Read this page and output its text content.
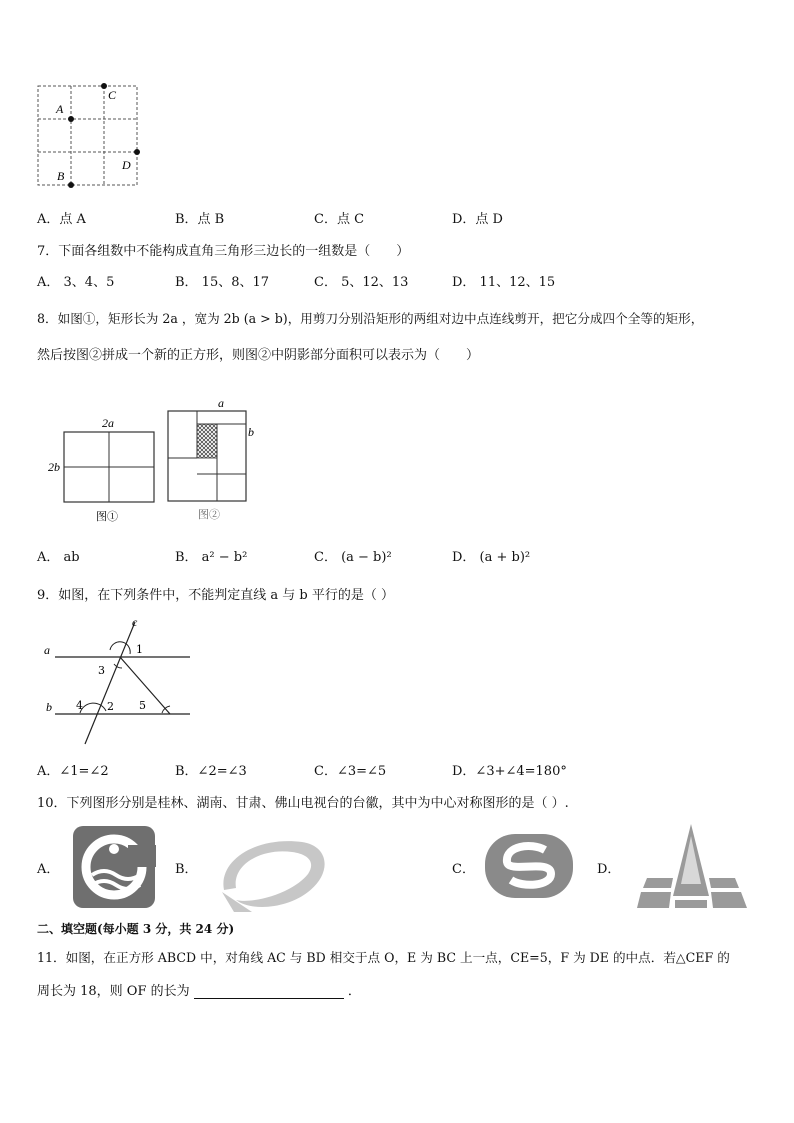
C
A
D
B
A．点 A	B．点 B	C．点 C	D．点 D
7．下面各组数中不能构成直角三角形三边长的一组数是（　　）
A． 3、4、5	B． 15、8、17	C． 5、12、13	D． 11、12、15
8．如图①，矩形长为 2a ，宽为 2b (a > b)，用剪刀分别沿矩形的两组对边中点连线剪开，把它分成四个全等的矩形，
然后按图②拼成一个新的正方形，则图②中阴影部分面积可以表示为（　　）
2a
2b
图①
a
b
图②
A． ab	B． a² − b²	C． (a − b)²	D． (a + b)²
9．如图，在下列条件中，不能判定直线 a 与 b 平行的是（ ）
c
a
b
1
3
4 2 5
A．∠1=∠2	B．∠2=∠3	C．∠3=∠5	D．∠3+∠4=180°
10．下列图形分别是桂林、湖南、甘肃、佛山电视台的台徽，其中为中心对称图形的是（ ）.
A．	B．	C．	D．
二、填空题(每小题 3 分，共 24 分)
11．如图，在正方形 ABCD 中，对角线 AC 与 BD 相交于点 O，E 为 BC 上一点，CE=5，F 为 DE 的中点．若△CEF 的
周长为 18，则 OF 的长为	．
